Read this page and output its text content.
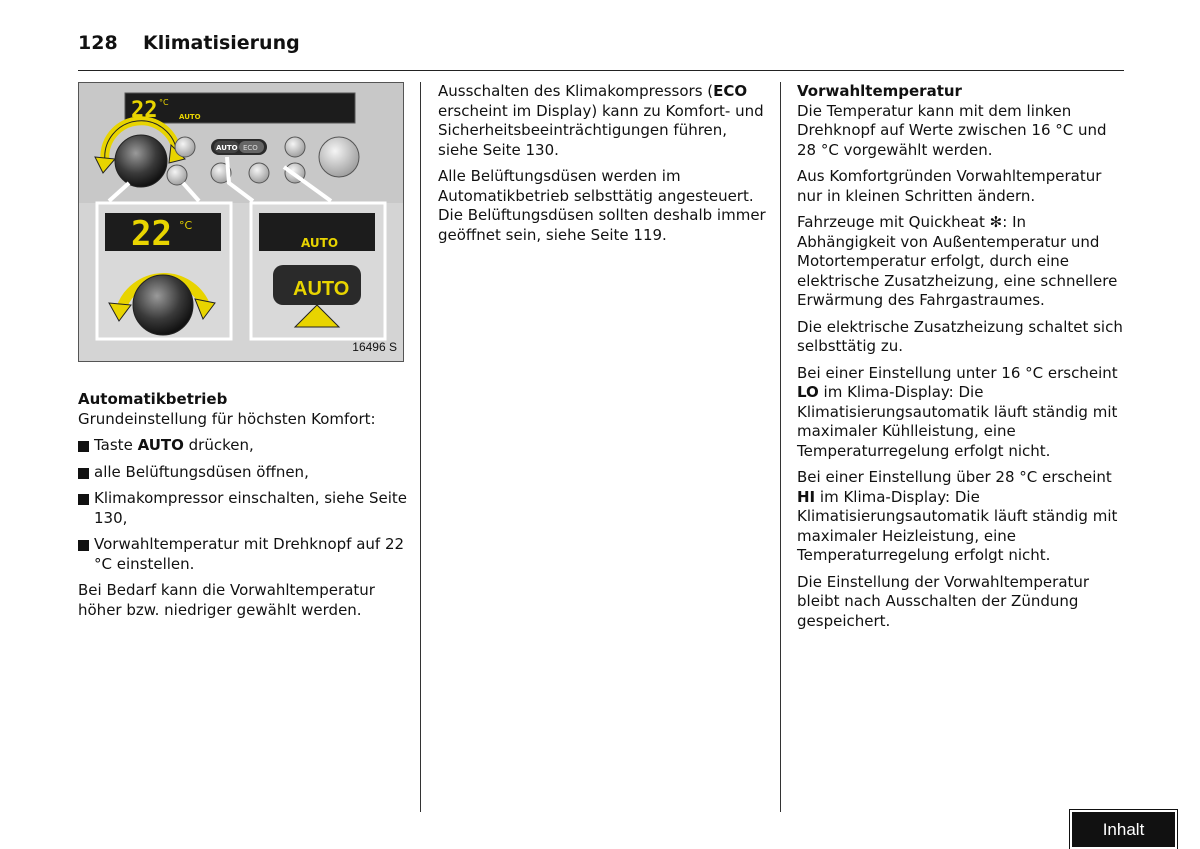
128 Klimatisierung
22 °C
AUTO
AUTO ECO
22 °C
AUTO
AUTO
16496 S

Automatikbetrieb

Grundeinstellung für höchsten Komfort:

Taste AUTO drücken,

alle Belüftungsdüsen öffnen,

Klimakompressor einschalten, siehe Seite 130,

Vorwahltemperatur mit Drehknopf auf 22 °C einstellen.

Bei Bedarf kann die Vorwahltemperatur höher bzw. niedriger gewählt werden.

Ausschalten des Klimakompressors (ECO erscheint im Display) kann zu Komfort- und Sicherheitsbeeinträchtigungen führen, siehe Seite 130.

Alle Belüftungsdüsen werden im Automatikbetrieb selbsttätig angesteuert. Die Belüftungsdüsen sollten deshalb immer geöffnet sein, siehe Seite 119.

Vorwahltemperatur

Die Temperatur kann mit dem linken Drehknopf auf Werte zwischen 16 °C und 28 °C vorgewählt werden.

Aus Komfortgründen Vorwahltemperatur nur in kleinen Schritten ändern.

Fahrzeuge mit Quickheat ✻: In Abhängigkeit von Außentemperatur und Motortemperatur erfolgt, durch eine elektrische Zusatzheizung, eine schnellere Erwärmung des Fahrgastraumes.

Die elektrische Zusatzheizung schaltet sich selbsttätig zu.

Bei einer Einstellung unter 16 °C erscheint LO im Klima-Display: Die Klimatisierungsautomatik läuft ständig mit maximaler Kühlleistung, eine Temperaturregelung erfolgt nicht.

Bei einer Einstellung über 28 °C erscheint HI im Klima-Display: Die Klimatisierungsautomatik läuft ständig mit maximaler Heizleistung, eine Temperaturregelung erfolgt nicht.

Die Einstellung der Vorwahltemperatur bleibt nach Ausschalten der Zündung gespeichert.

Inhalt
